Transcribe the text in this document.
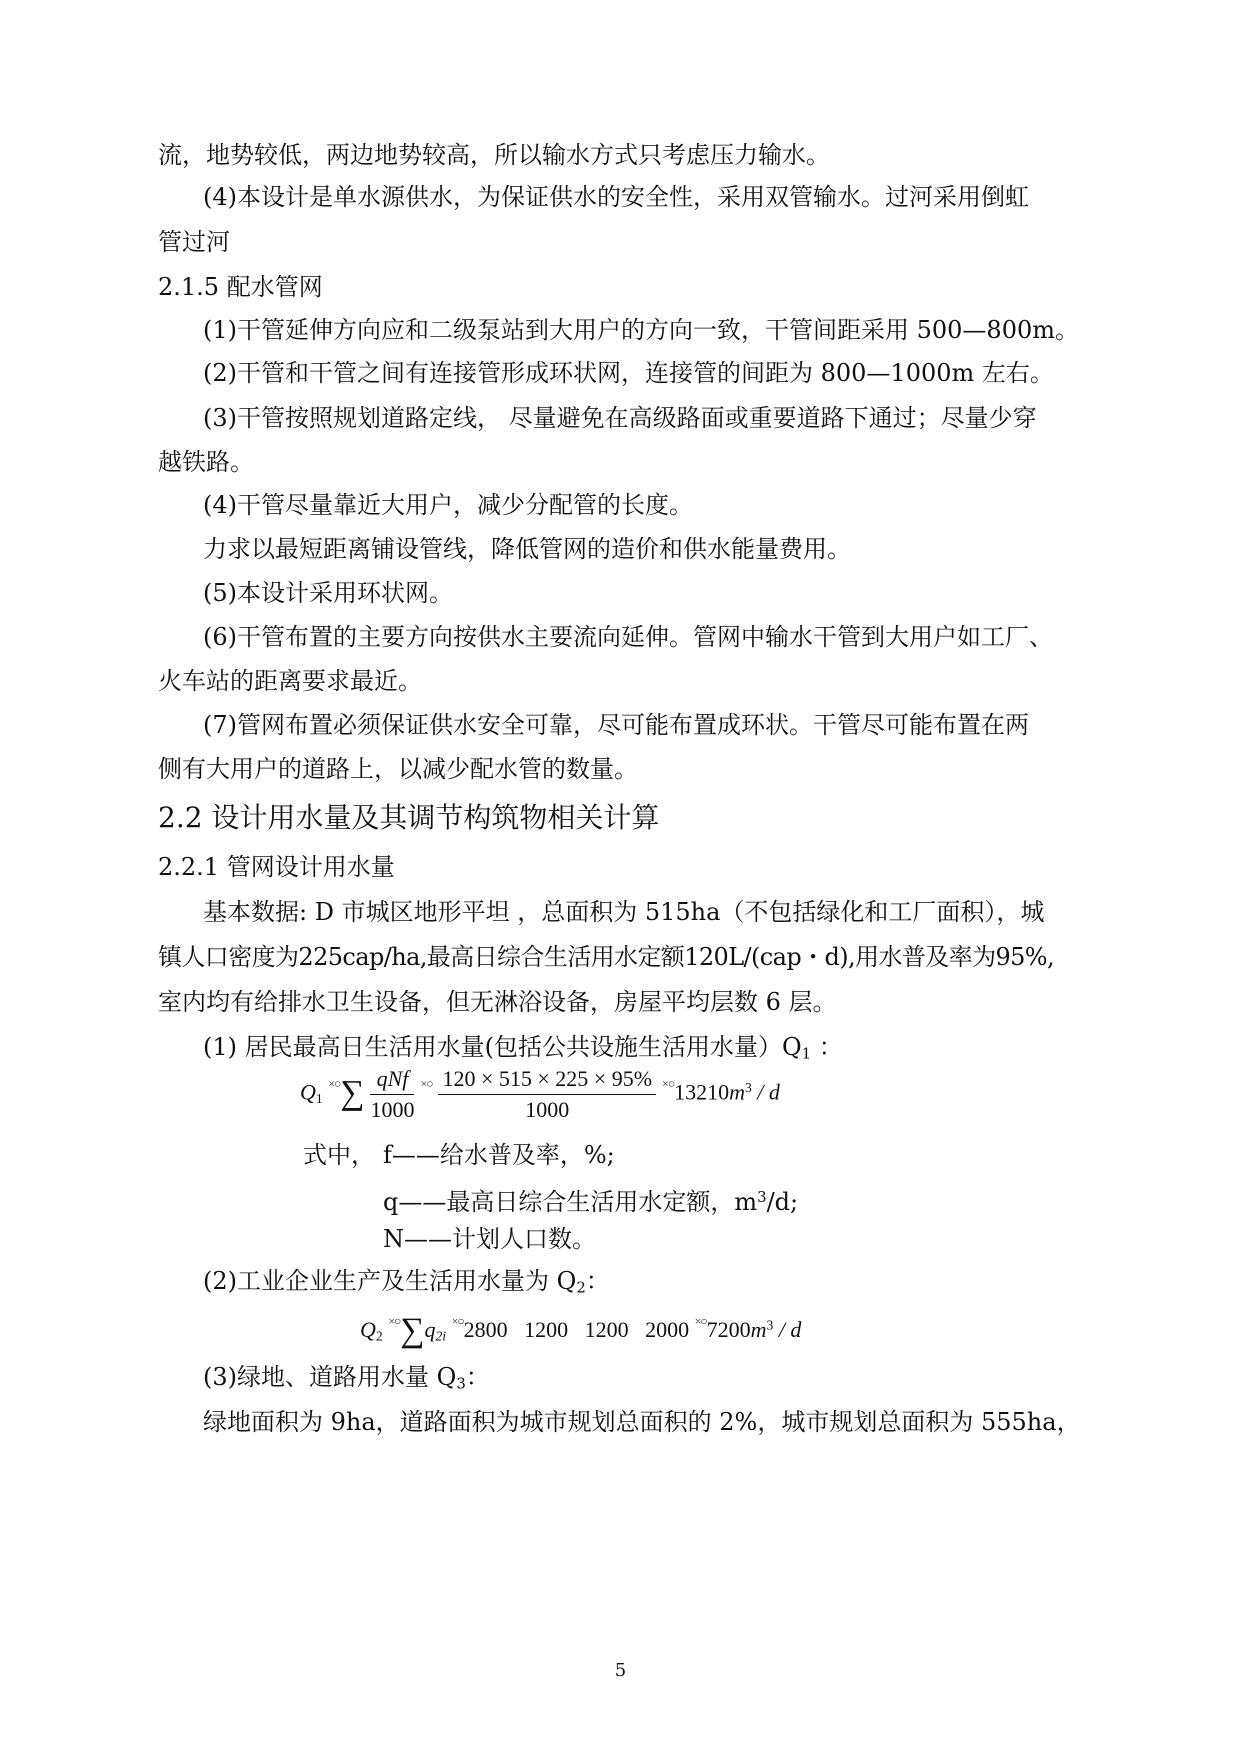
流，地势较低，两边地势较高，所以输水方式只考虑压力输水。
(4)本设计是单水源供水，为保证供水的安全性，采用双管输水。过河采用倒虹
管过河
2.1.5 配水管网
(1)干管延伸方向应和二级泵站到大用户的方向一致，干管间距采用 500—800m。
(2)干管和干管之间有连接管形成环状网，连接管的间距为 800—1000m 左右。
(3)干管按照规划道路定线， 尽量避免在高级路面或重要道路下通过；尽量少穿
越铁路。
(4)干管尽量靠近大用户，减少分配管的长度。
力求以最短距离铺设管线，降低管网的造价和供水能量费用。
(5)本设计采用环状网。
(6)干管布置的主要方向按供水主要流向延伸。管网中输水干管到大用户如工厂、
火车站的距离要求最近。
(7)管网布置必须保证供水安全可靠，尽可能布置成环状。干管尽可能布置在两
侧有大用户的道路上，以减少配水管的数量。
2.2 设计用水量及其调节构筑物相关计算
2.2.1 管网设计用水量
基本数据: D 市城区地形平坦 ，总面积为 515ha（不包括绿化和工厂面积），城
镇人口密度为225cap/ha,最高日综合生活用水定额120L/(cap・d),用水普及率为95%,
室内均有给排水卫生设备，但无淋浴设备，房屋平均层数 6 层。
(1) 居民最高日生活用水量(包括公共设施生活用水量）$Q_1$ ：
$Q_1$ $^{\times○}\sum \frac{\text{qNf}}{1000} ^{\times○} \frac{120 \times 515 \times 225 \times 95\%}{1000} ^{\times○}13210m^3$ / d
式中， f——给水普及率，%;
q——最高日综合生活用水定额，$m^3/d$;
N——计划人口数。
(2)工业企业生产及生活用水量为 $Q_2$：
$Q_2$ $^{\times○}\sum q_{2i}$ ×○2800 1200 1200 2000 $^{\times○}7200m^3$ / d
(3)绿地、道路用水量 $Q_3$：
绿地面积为 9ha，道路面积为城市规划总面积的 2%，城市规划总面积为 555ha，
5
